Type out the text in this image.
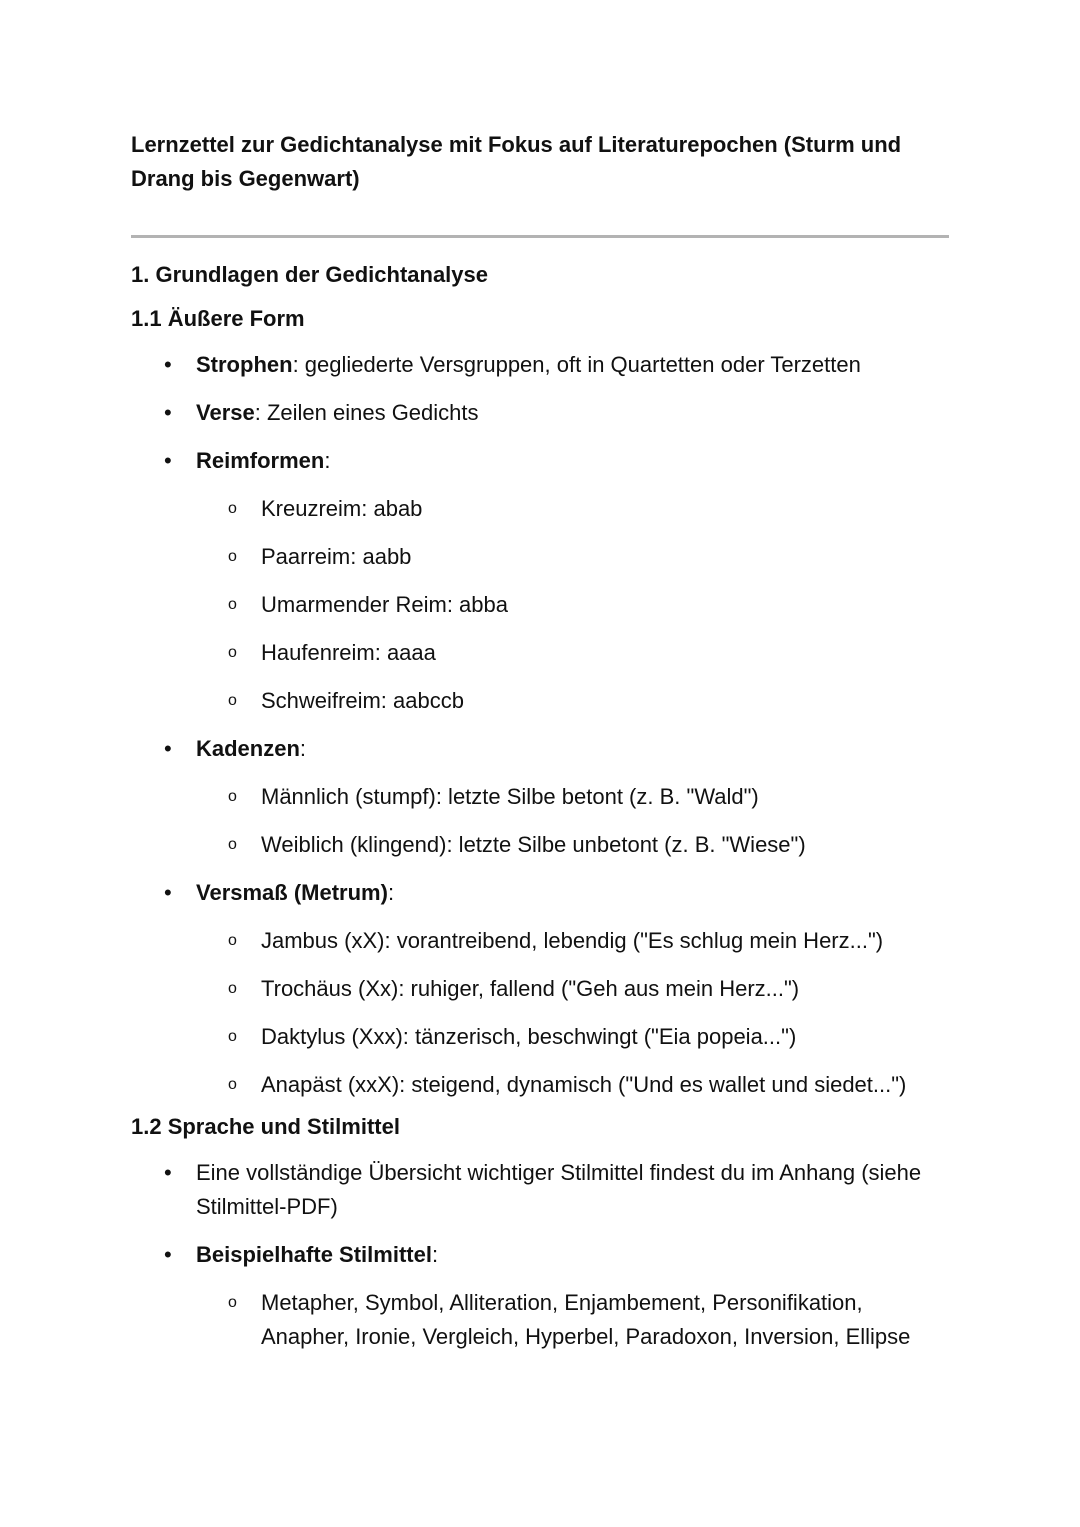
Lernzettel zur Gedichtanalyse mit Fokus auf Literaturepochen (Sturm und Drang bis Gegenwart)

1. Grundlagen der Gedichtanalyse

1.1 Äußere Form

• Strophen: gegliederte Versgruppen, oft in Quartetten oder Terzetten
• Verse: Zeilen eines Gedichts
• Reimformen:
o Kreuzreim: abab
o Paarreim: aabb
o Umarmender Reim: abba
o Haufenreim: aaaa
o Schweifreim: aabccb
• Kadenzen:
o Männlich (stumpf): letzte Silbe betont (z. B. "Wald")
o Weiblich (klingend): letzte Silbe unbetont (z. B. "Wiese")
• Versmaß (Metrum):
o Jambus (xX): vorantreibend, lebendig ("Es schlug mein Herz...")
o Trochäus (Xx): ruhiger, fallend ("Geh aus mein Herz...")
o Daktylus (Xxx): tänzerisch, beschwingt ("Eia popeia...")
o Anapäst (xxX): steigend, dynamisch ("Und es wallet und siedet...")

1.2 Sprache und Stilmittel

• Eine vollständige Übersicht wichtiger Stilmittel findest du im Anhang (siehe Stilmittel-PDF)
• Beispielhafte Stilmittel:
o Metapher, Symbol, Alliteration, Enjambement, Personifikation, Anapher, Ironie, Vergleich, Hyperbel, Paradoxon, Inversion, Ellipse
